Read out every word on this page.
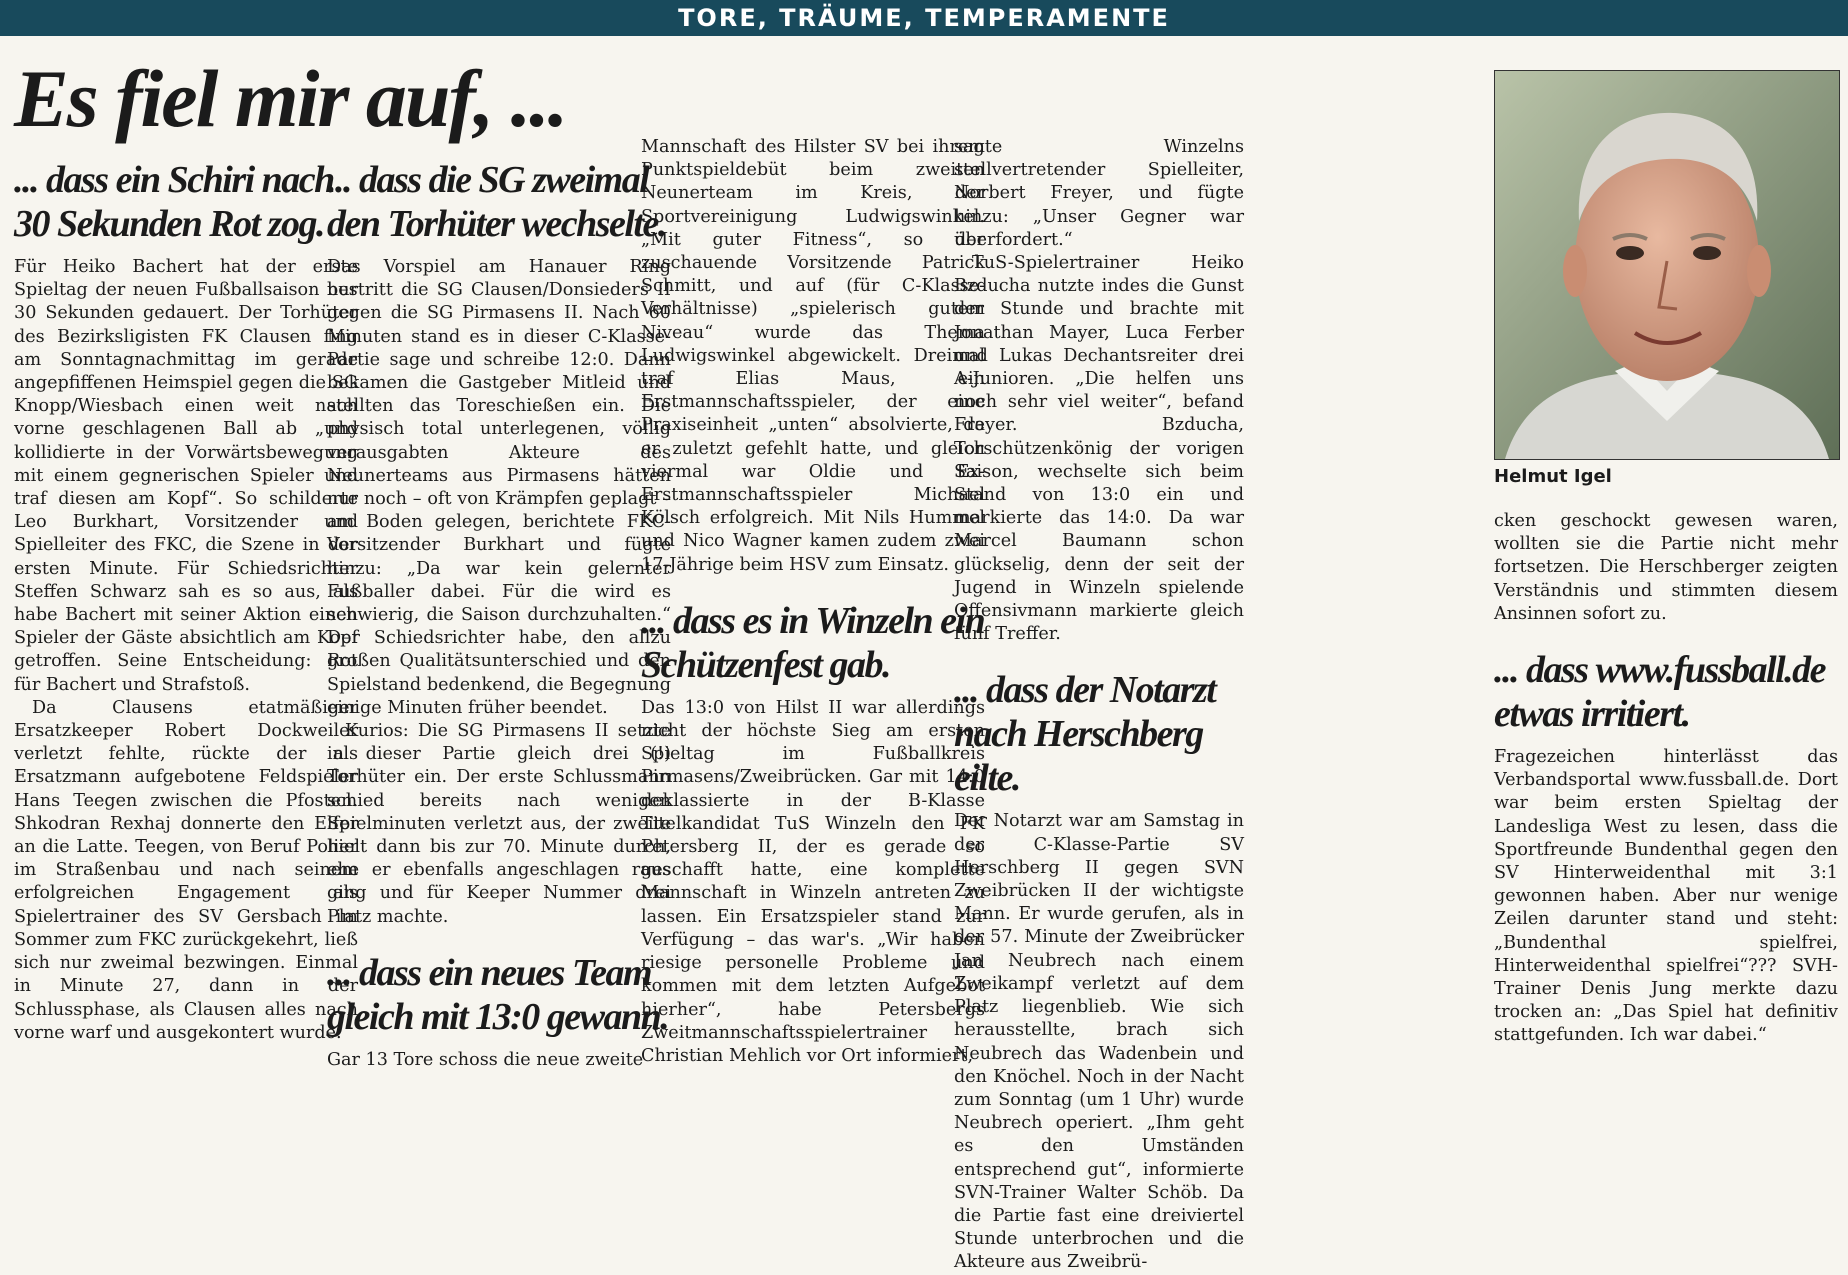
TORE, TRÄUME, TEMPERAMENTE
Es fiel mir auf, ...
... dass ein Schiri nach 30 Sekunden Rot zog.

Für Heiko Bachert hat der erste Spieltag der neuen Fußballsaison nur 30 Sekunden gedauert. Der Torhüter des Bezirksligisten FK Clausen fing am Sonntagnachmittag im gerade angepfiffenen Heimspiel gegen die SG Knopp/Wiesbach einen weit nach vorne geschlagenen Ball ab „und kollidierte in der Vorwärtsbewegung mit einem gegnerischen Spieler und traf diesen am Kopf“. So schilderte Leo Burkhart, Vorsitzender und Spielleiter des FKC, die Szene in der ersten Minute. Für Schiedsrichter Steffen Schwarz sah es so aus, als habe Bachert mit seiner Aktion einen Spieler der Gäste absichtlich am Kopf getroffen. Seine Entscheidung: Rot für Bachert und Strafstoß.

Da Clausens etatmäßiger Ersatzkeeper Robert Dockweiler verletzt fehlte, rückte der als Ersatzmann aufgebotene Feldspieler Hans Teegen zwischen die Pfosten. Shkodran Rexhaj donnerte den Elfer an die Latte. Teegen, von Beruf Polier im Straßenbau und nach seinem erfolgreichen Engagement als Spielertrainer des SV Gersbach im Sommer zum FKC zurückgekehrt, ließ sich nur zweimal bezwingen. Einmal in Minute 27, dann in der Schlussphase, als Clausen alles nach vorne warf und ausgekontert wurde.

... dass die SG zweimal den Torhüter wechselte.

Das Vorspiel am Hanauer Ring bestritt die SG Clausen/Donsieders II gegen die SG Pirmasens II. Nach 60 Minuten stand es in dieser C-Klasse-Partie sage und schreibe 12:0. Dann bekamen die Gastgeber Mitleid und stellten das Toreschießen ein. Die physisch total unterlegenen, völlig verausgabten Akteure des Neunerteams aus Pirmasens hätten nur noch – oft von Krämpfen geplagt – am Boden gelegen, berichtete FKC-Vorsitzender Burkhart und fügte hinzu: „Da war kein gelernter Fußballer dabei. Für die wird es schwierig, die Saison durchzuhalten.“ Der Schiedsrichter habe, den allzu großen Qualitätsunterschied und den Spielstand bedenkend, die Begegnung einige Minuten früher beendet.

Kurios: Die SG Pirmasens II setzte in dieser Partie gleich drei (!) Torhüter ein. Der erste Schlussmann schied bereits nach wenigen Spielminuten verletzt aus, der zweite hielt dann bis zur 70. Minute durch, ehe er ebenfalls angeschlagen raus ging und für Keeper Nummer drei Platz machte.

... dass ein neues Team gleich mit 13:0 gewann.

Gar 13 Tore schoss die neue zweite

Mannschaft des Hilster SV bei ihrem Punktspieldebüt beim zweiten Neunerteam im Kreis, der Sportvereinigung Ludwigswinkel. „Mit guter Fitness“, so der zuschauende Vorsitzende Patrick Schmitt, und auf (für C-Klasse-Verhältnisse) „spielerisch gutem Niveau“ wurde das Thema Ludwigswinkel abgewickelt. Dreimal traf Elias Maus, ein Erstmannschaftsspieler, der eine Praxiseinheit „unten“ absolvierte, da er zuletzt gefehlt hatte, und gleich viermal war Oldie und Ex-Erstmannschaftsspieler Michael Kölsch erfolgreich. Mit Nils Hummel und Nico Wagner kamen zudem zwei 17-Jährige beim HSV zum Einsatz.

... dass es in Winzeln ein Schützenfest gab.

Das 13:0 von Hilst II war allerdings nicht der höchste Sieg am ersten Spieltag im Fußballkreis Pirmasens/Zweibrücken. Gar mit 14:0 deklassierte in der B-Klasse Titelkandidat TuS Winzeln den FK Petersberg II, der es gerade so geschafft hatte, eine komplette Mannschaft in Winzeln antreten zu lassen. Ein Ersatzspieler stand zur Verfügung – das war's. „Wir haben riesige personelle Probleme und kommen mit dem letzten Aufgebot hierher“, habe Petersbergs Zweitmannschaftsspielertrainer Christian Mehlich vor Ort informiert,

sagte Winzelns stellvertretender Spielleiter, Norbert Freyer, und fügte hinzu: „Unser Gegner war überfordert.“

TuS-Spielertrainer Heiko Bzducha nutzte indes die Gunst der Stunde und brachte mit Jonathan Mayer, Luca Ferber und Lukas Dechantsreiter drei A-Junioren. „Die helfen uns noch sehr viel weiter“, befand Freyer. Bzducha, Torschützenkönig der vorigen Saison, wechselte sich beim Stand von 13:0 ein und markierte das 14:0. Da war Marcel Baumann schon glückselig, denn der seit der Jugend in Winzeln spielende Offensivmann markierte gleich fünf Treffer.

... dass der Notarzt nach Herschberg eilte.

Der Notarzt war am Samstag in der C-Klasse-Partie SV Herschberg II gegen SVN Zweibrücken II der wichtigste Mann. Er wurde gerufen, als in der 57. Minute der Zweibrücker Jan Neubrech nach einem Zweikampf verletzt auf dem Platz liegenblieb. Wie sich herausstellte, brach sich Neubrech das Wadenbein und den Knöchel. Noch in der Nacht zum Sonntag (um 1 Uhr) wurde Neubrech operiert. „Ihm geht es den Umständen entsprechend gut“, informierte SVN-Trainer Walter Schöb. Da die Partie fast eine dreiviertel Stunde unterbrochen und die Akteure aus Zweibrü-

Helmut Igel

cken geschockt gewesen waren, wollten sie die Partie nicht mehr fortsetzen. Die Herschberger zeigten Verständnis und stimmten diesem Ansinnen sofort zu.

... dass www.fussball.de etwas irritiert.

Fragezeichen hinterlässt das Verbandsportal www.fussball.de. Dort war beim ersten Spieltag der Landesliga West zu lesen, dass die Sportfreunde Bundenthal gegen den SV Hinterweidenthal mit 3:1 gewonnen haben. Aber nur wenige Zeilen darunter stand und steht: „Bundenthal spielfrei, Hinterweidenthal spielfrei“??? SVH-Trainer Denis Jung merkte dazu trocken an: „Das Spiel hat definitiv stattgefunden. Ich war dabei.“
